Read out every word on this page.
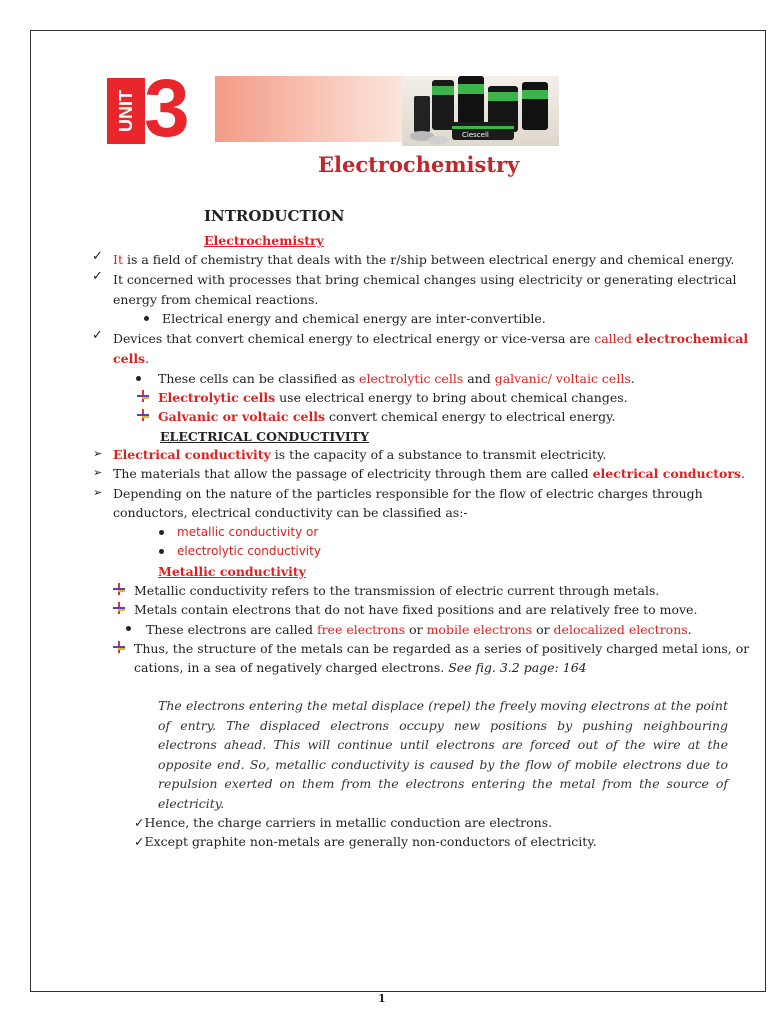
UNIT 3	Ciescell
Electrochemistry
INTRODUCTION
Electrochemistry
✓ It is a field of chemistry that deals with the r/ship between electrical energy and chemical energy.
✓ It concerned with processes that bring chemical changes using electricity or generating electrical
energy from chemical reactions.
Electrical energy and chemical energy are inter-convertible.
✓ Devices that convert chemical energy to electrical energy or vice-versa are called electrochemical
cells.
These cells can be classified as electrolytic cells and galvanic/ voltaic cells.
Electrolytic cells use electrical energy to bring about chemical changes.
Galvanic or voltaic cells convert chemical energy to electrical energy.
ELECTRICAL CONDUCTIVITY
➢ Electrical conductivity is the capacity of a substance to transmit electricity.
➢ The materials that allow the passage of electricity through them are called electrical conductors.
➢ Depending on the nature of the particles responsible for the flow of electric charges through
conductors, electrical conductivity can be classified as:-
metallic conductivity or
electrolytic conductivity
Metallic conductivity
Metallic conductivity refers to the transmission of electric current through metals.
Metals contain electrons that do not have fixed positions and are relatively free to move.
These electrons are called free electrons or mobile electrons or delocalized electrons.
Thus, the structure of the metals can be regarded as a series of positively charged metal ions, or
cations, in a sea of negatively charged electrons. See fig. 3.2 page: 164
The electrons entering the metal displace (repel) the freely moving electrons at the point of entry. The displaced electrons occupy new positions by pushing neighbouring electrons ahead. This will continue until electrons are forced out of the wire at the opposite end. So, metallic conductivity is caused by the flow of mobile electrons due to repulsion exerted on them from the electrons entering the metal from the source of electricity.
✓Hence, the charge carriers in metallic conduction are electrons.
✓Except graphite non-metals are generally non-conductors of electricity.
1
